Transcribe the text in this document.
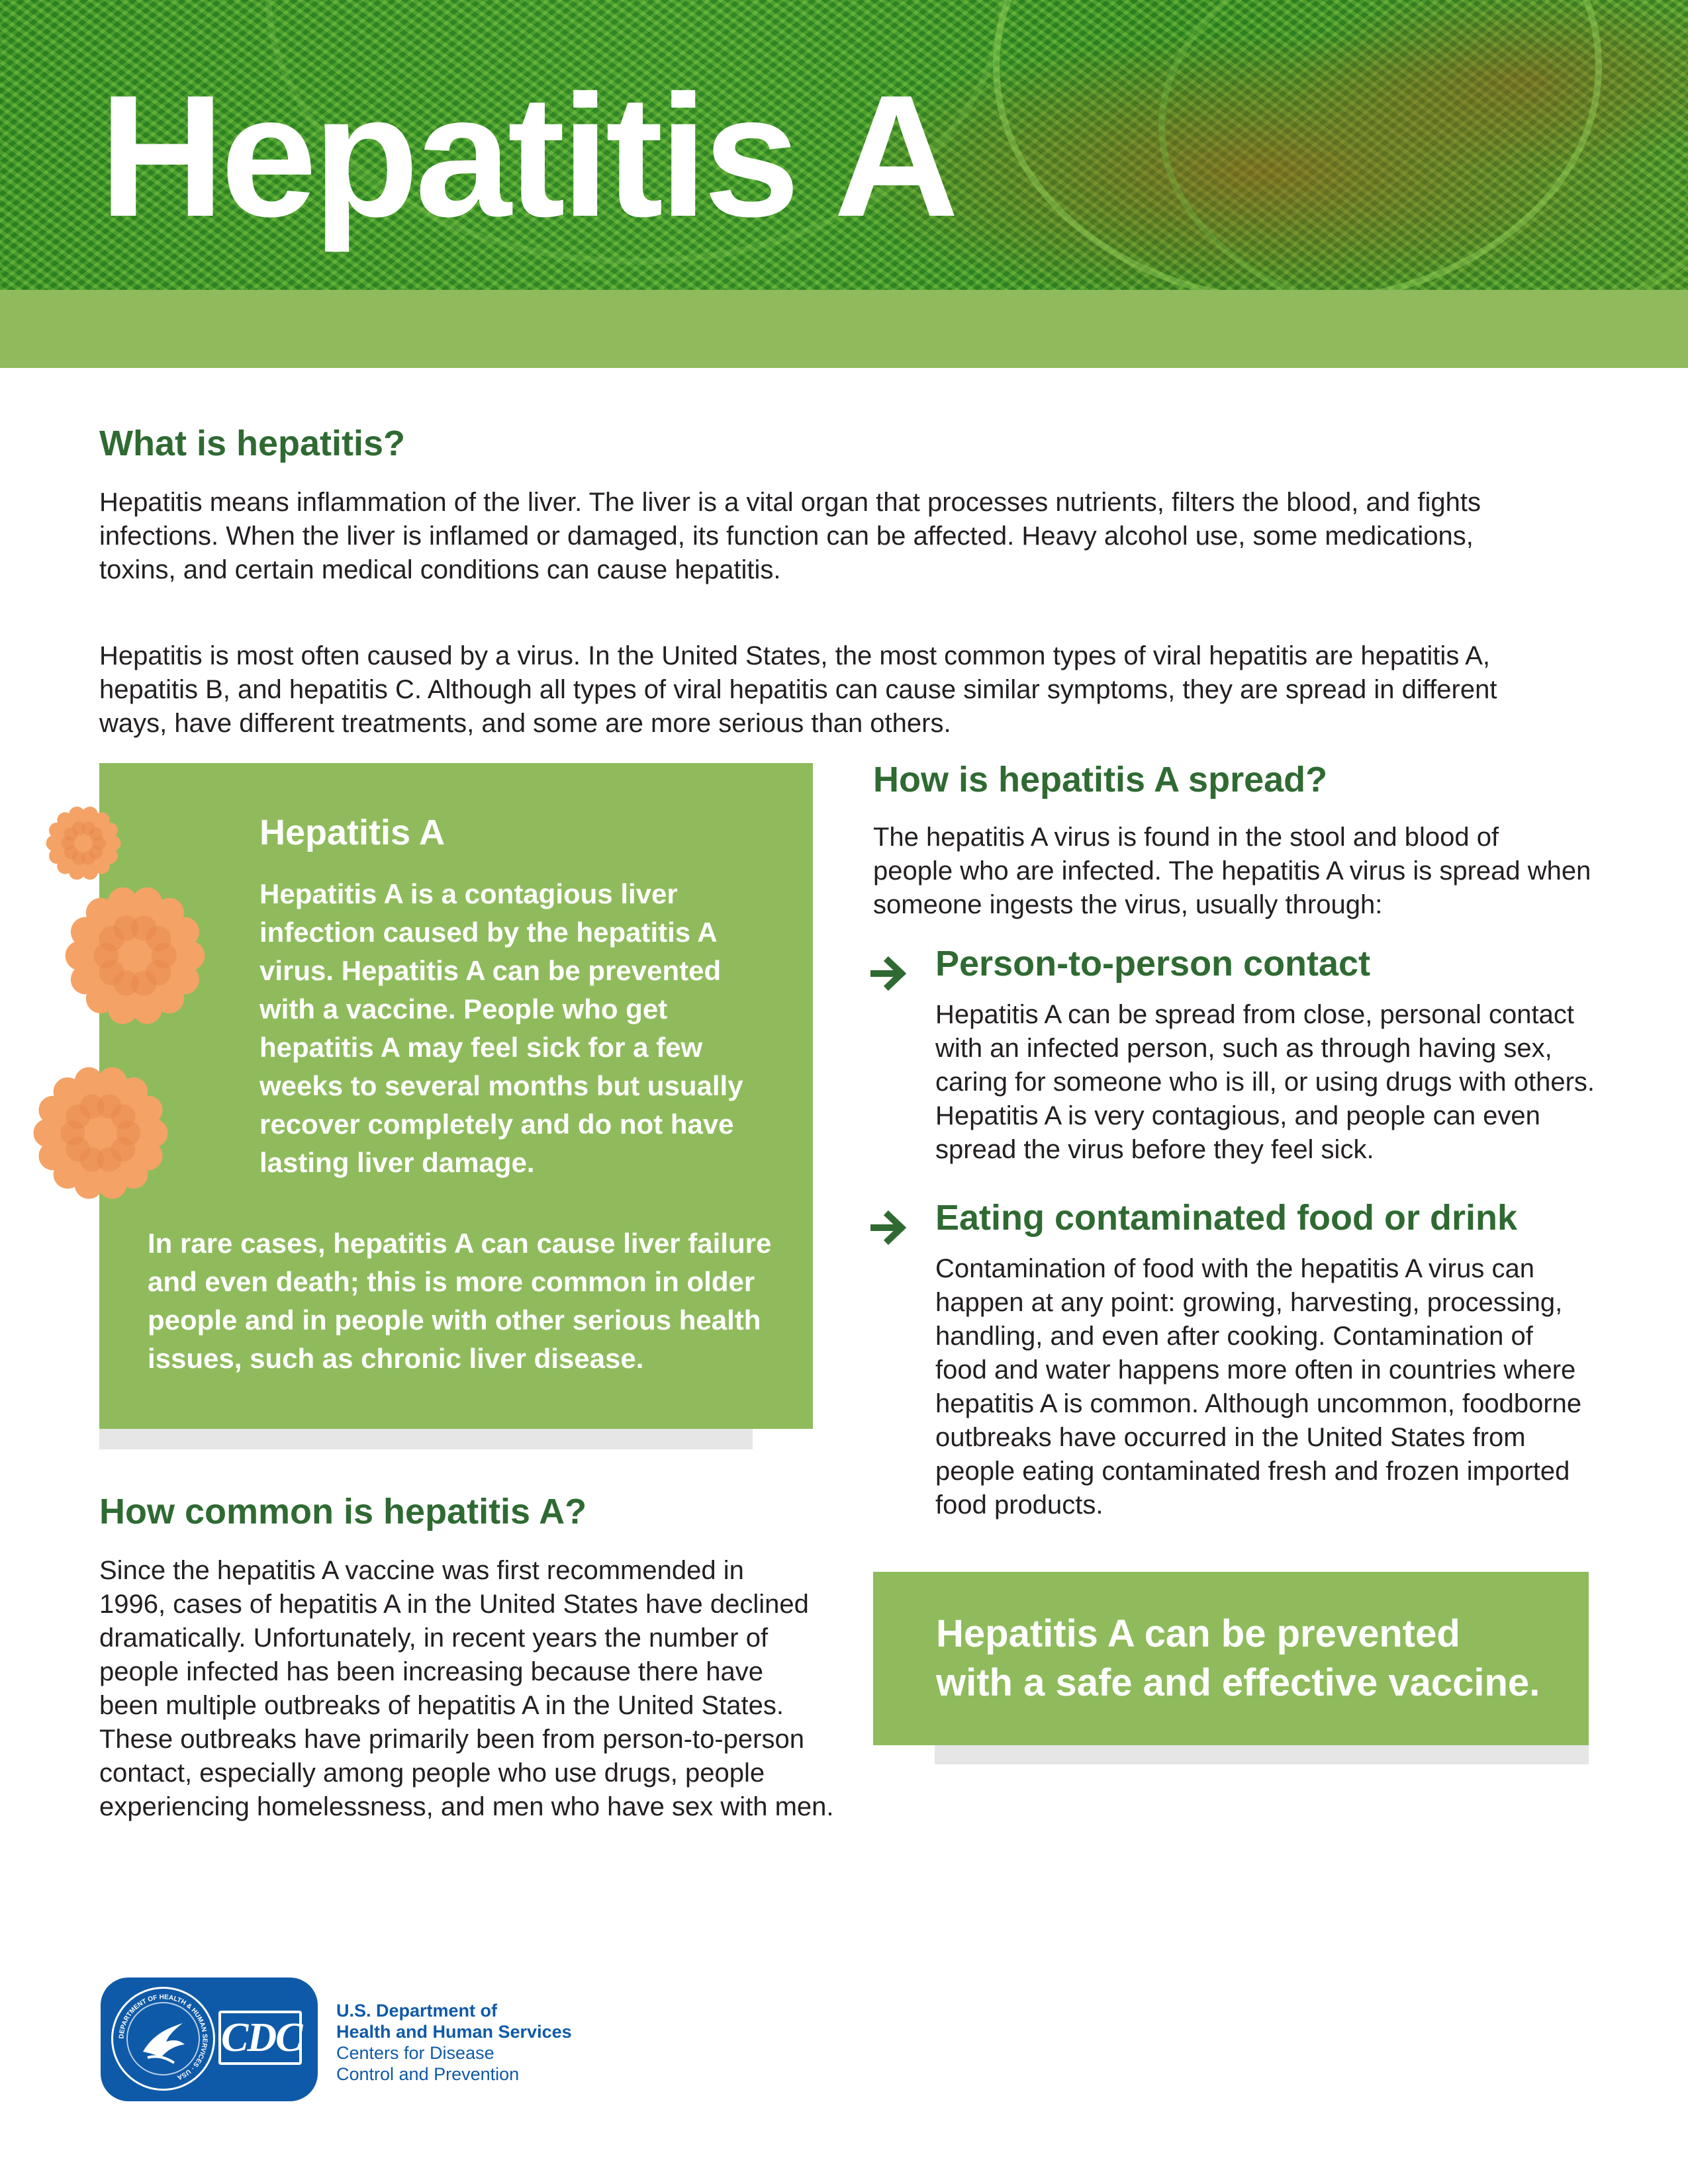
Hepatitis A
What is hepatitis?

Hepatitis means inflammation of the liver. The liver is a vital organ that processes nutrients, filters the blood, and fights
infections. When the liver is inflamed or damaged, its function can be affected. Heavy alcohol use, some medications,
toxins, and certain medical conditions can cause hepatitis.

Hepatitis is most often caused by a virus. In the United States, the most common types of viral hepatitis are hepatitis A,
hepatitis B, and hepatitis C. Although all types of viral hepatitis can cause similar symptoms, they are spread in different
ways, have different treatments, and some are more serious than others.

Hepatitis A

Hepatitis A is a contagious liver
infection caused by the hepatitis A
virus. Hepatitis A can be prevented
with a vaccine. People who get
hepatitis A may feel sick for a few
weeks to several months but usually
recover completely and do not have
lasting liver damage.

In rare cases, hepatitis A can cause liver failure
and even death; this is more common in older
people and in people with other serious health
issues, such as chronic liver disease.

How common is hepatitis A?

Since the hepatitis A vaccine was first recommended in
1996, cases of hepatitis A in the United States have declined
dramatically. Unfortunately, in recent years the number of
people infected has been increasing because there have
been multiple outbreaks of hepatitis A in the United States.
These outbreaks have primarily been from person-to-person
contact, especially among people who use drugs, people
experiencing homelessness, and men who have sex with men.

How is hepatitis A spread?

The hepatitis A virus is found in the stool and blood of
people who are infected. The hepatitis A virus is spread when
someone ingests the virus, usually through:

Person-to-person contact

Hepatitis A can be spread from close, personal contact
with an infected person, such as through having sex,
caring for someone who is ill, or using drugs with others.
Hepatitis A is very contagious, and people can even
spread the virus before they feel sick.

Eating contaminated food or drink

Contamination of food with the hepatitis A virus can
happen at any point: growing, harvesting, processing,
handling, and even after cooking. Contamination of
food and water happens more often in countries where
hepatitis A is common. Although uncommon, foodborne
outbreaks have occurred in the United States from
people eating contaminated fresh and frozen imported
food products.

Hepatitis A can be prevented
with a safe and effective vaccine.

DEPARTMENT OF HEALTH & HUMAN SERVICES · USA
CDC

U.S. Department of
Health and Human Services
Centers for Disease
Control and Prevention
